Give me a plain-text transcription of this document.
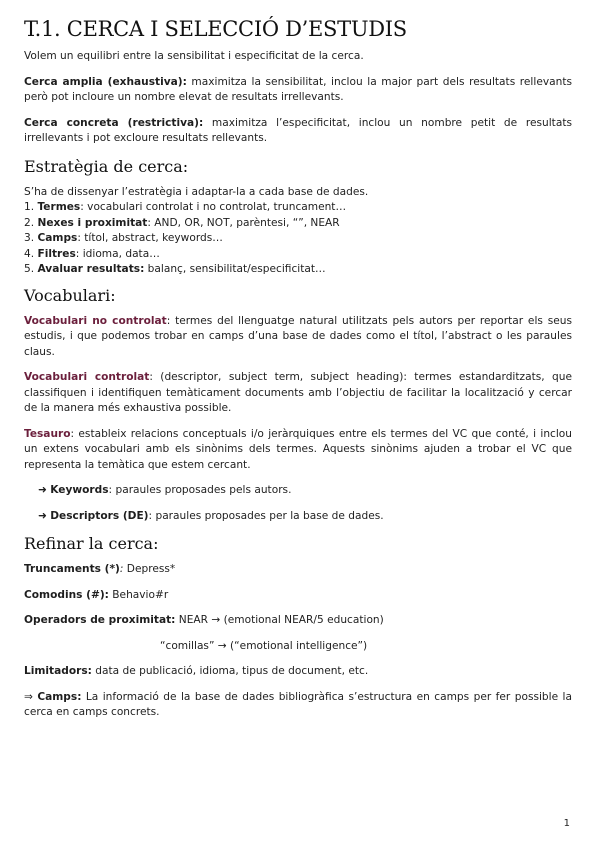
T.1. CERCA I SELECCIÓ D’ESTUDIS

Volem un equilibri entre la sensibilitat i especificitat de la cerca.

Cerca amplia (exhaustiva): maximitza la sensibilitat, inclou la major part dels resultats rellevants però pot incloure un nombre elevat de resultats irrellevants.

Cerca concreta (restrictiva): maximitza l’especificitat, inclou un nombre petit de resultats irrellevants i pot excloure resultats rellevants.

Estratègia de cerca:
S’ha de dissenyar l’estratègia i adaptar-la a cada base de dades.
1. Termes: vocabulari controlat i no controlat, truncament…
2. Nexes i proximitat: AND, OR, NOT, parèntesi, “”, NEAR
3. Camps: títol, abstract, keywords…
4. Filtres: idioma, data…
5. Avaluar resultats: balanç, sensibilitat/especificitat…
Vocabulari:

Vocabulari no controlat: termes del llenguatge natural utilitzats pels autors per reportar els seus estudis, i que podemos trobar en camps d’una base de dades como el títol, l’abstract o les paraules claus.

Vocabulari controlat: (descriptor, subject term, subject heading): termes estandarditzats, que classifiquen i identifiquen temàticament documents amb l’objectiu de facilitar la localització y cercar de la manera més exhaustiva possible.

Tesauro: estableix relacions conceptuals i/o jeràrquiques entre els termes del VC que conté, i inclou un extens vocabulari amb els sinònims dels termes. Aquests sinònims ajuden a trobar el VC que representa la temàtica que estem cercant.

➜ Keywords: paraules proposades pels autors.
➜ Descriptors (DE): paraules proposades per la base de dades.
Refinar la cerca:

Truncaments (*): Depress*

Comodins (#): Behavio#r

Operadors de proximitat: NEAR → (emotional NEAR/5 education)

“comillas” → (“emotional intelligence”)

Limitadors: data de publicació, idioma, tipus de document, etc.

⇒ Camps: La informació de la base de dades bibliogràfica s’estructura en camps per fer possible la cerca en camps concrets.

1
